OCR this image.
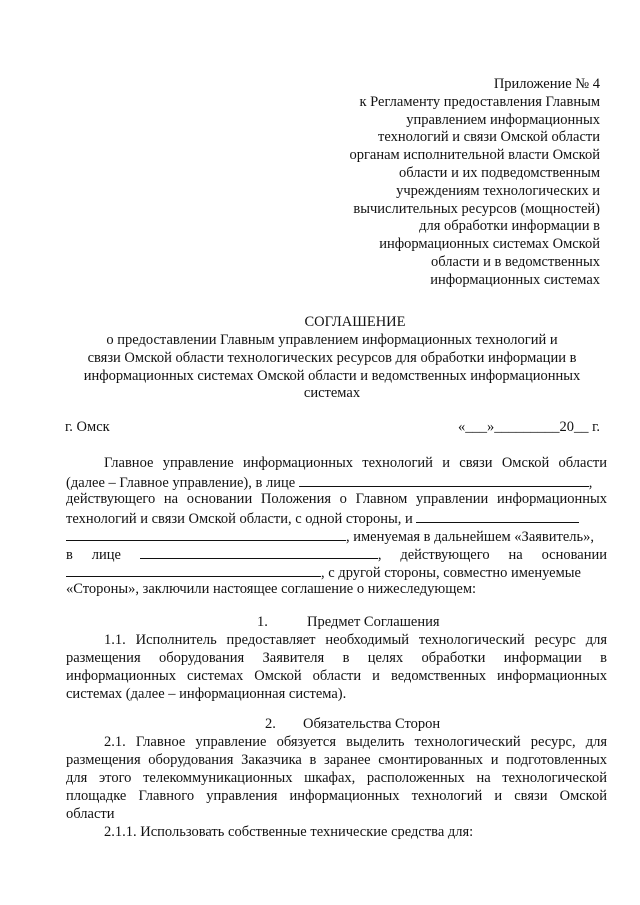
Приложение № 4
к Регламенту предоставления Главным
управлением информационных
технологий и связи Омской области
органам исполнительной власти Омской
области и их подведомственным
учреждениям технологических и
вычислительных ресурсов (мощностей)
для обработки информации в
информационных системах Омской
области и в ведомственных
информационных системах
СОГЛАШЕНИЕ
о предоставлении Главным управлением информационных технологий и
связи Омской области технологических ресурсов для обработки информации в
информационных системах Омской области и ведомственных информационных
системах
г. Омск	«___»_________20__ г.
Главное управление информационных технологий и связи Омской области
(далее – Главное управление), в лице	,
действующего на основании Положения о Главном управлении информационных
технологий и связи Омской области, с одной стороны, и
, именуемая в дальнейшем «Заявитель»,
в лице	, действующего на основании
, с другой стороны, совместно именуемые
«Стороны», заключили настоящее соглашение о нижеследующем:
1.	Предмет Соглашения
1.1. Исполнитель предоставляет необходимый технологический ресурс для
размещения оборудования Заявителя в целях обработки информации в
информационных системах Омской области и ведомственных информационных
системах (далее – информационная система).
2. Обязательства Сторон
2.1. Главное управление обязуется выделить технологический ресурс, для
размещения оборудования Заказчика в заранее смонтированных и подготовленных
для этого телекоммуникационных шкафах, расположенных на технологической
площадке Главного управления информационных технологий и связи Омской
области
2.1.1. Использовать собственные технические средства для:
